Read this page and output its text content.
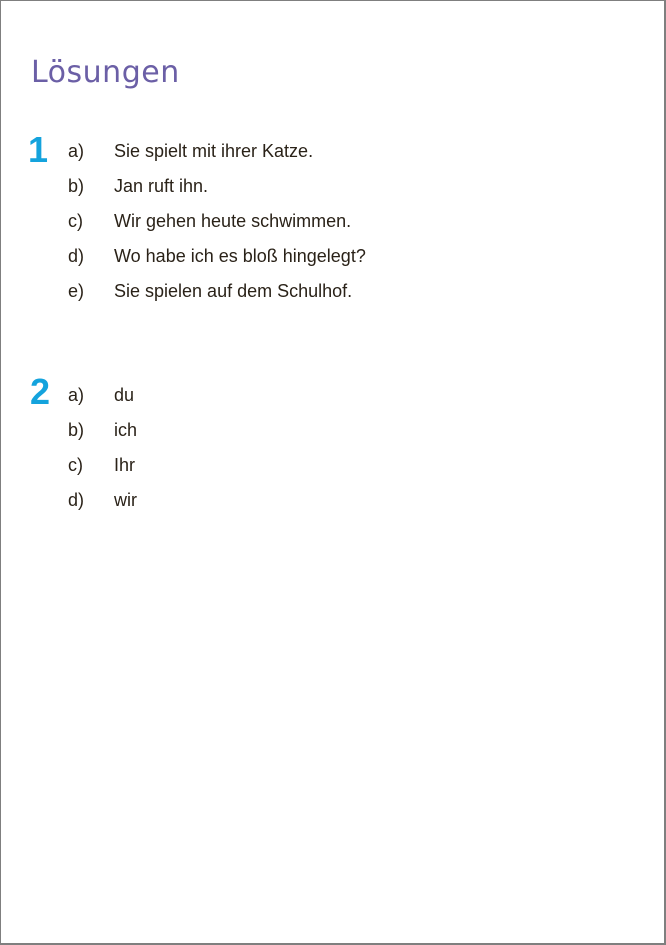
Lösungen
1 a) Sie spielt mit ihrer Katze.
b) Jan ruft ihn.
c) Wir gehen heute schwimmen.
d) Wo habe ich es bloß hingelegt?
e) Sie spielen auf dem Schulhof.
2 a) du
b) ich
c) Ihr
d) wir
